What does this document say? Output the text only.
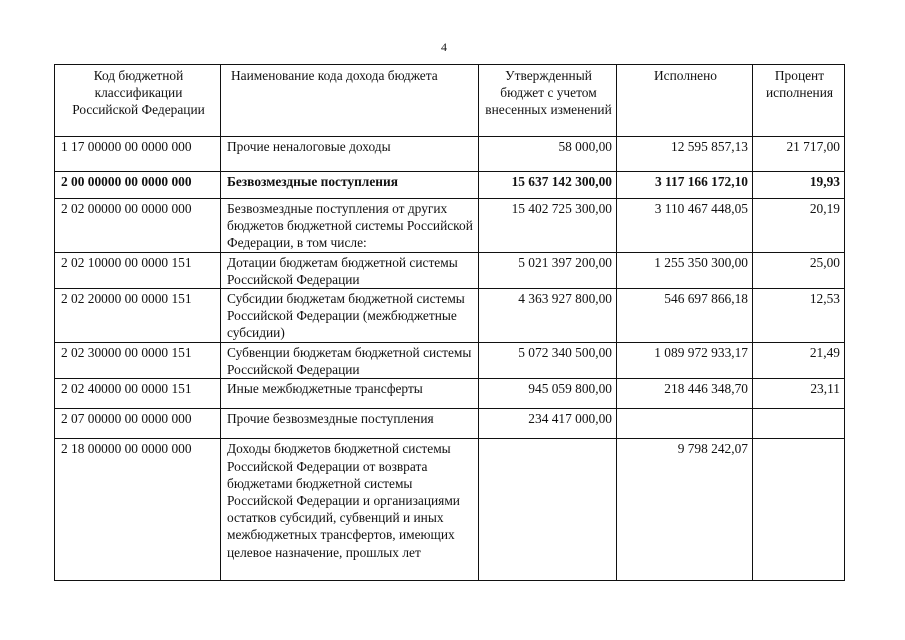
4
Код бюджетной классификации Российской Федерации	Наименование кода дохода бюджета	Утвержденный бюджет с учетом внесенных изменений	Исполнено	Процент исполнения
1 17 00000 00 0000 000	Прочие неналоговые доходы	58 000,00	12 595 857,13	21 717,00
2 00 00000 00 0000 000	Безвозмездные поступления	15 637 142 300,00	3 117 166 172,10	19,93
2 02 00000 00 0000 000	Безвозмездные поступления от других бюджетов бюджетной системы Российской Федерации, в том числе:	15 402 725 300,00	3 110 467 448,05	20,19
2 02 10000 00 0000 151	Дотации бюджетам бюджетной системы Российской Федерации	5 021 397 200,00	1 255 350 300,00	25,00
2 02 20000 00 0000 151	Субсидии бюджетам бюджетной системы Российской Федерации (межбюджетные субсидии)	4 363 927 800,00	546 697 866,18	12,53
2 02 30000 00 0000 151	Субвенции бюджетам бюджетной системы Российской Федерации	5 072 340 500,00	1 089 972 933,17	21,49
2 02 40000 00 0000 151	Иные межбюджетные трансферты	945 059 800,00	218 446 348,70	23,11
2 07 00000 00 0000 000	Прочие безвозмездные поступления	234 417 000,00		
2 18 00000 00 0000 000	Доходы бюджетов бюджетной системы Российской Федерации от возврата бюджетами бюджетной системы Российской Федерации и организациями остатков субсидий, субвенций и иных межбюджетных трансфертов, имеющих целевое назначение, прошлых лет		9 798 242,07	
